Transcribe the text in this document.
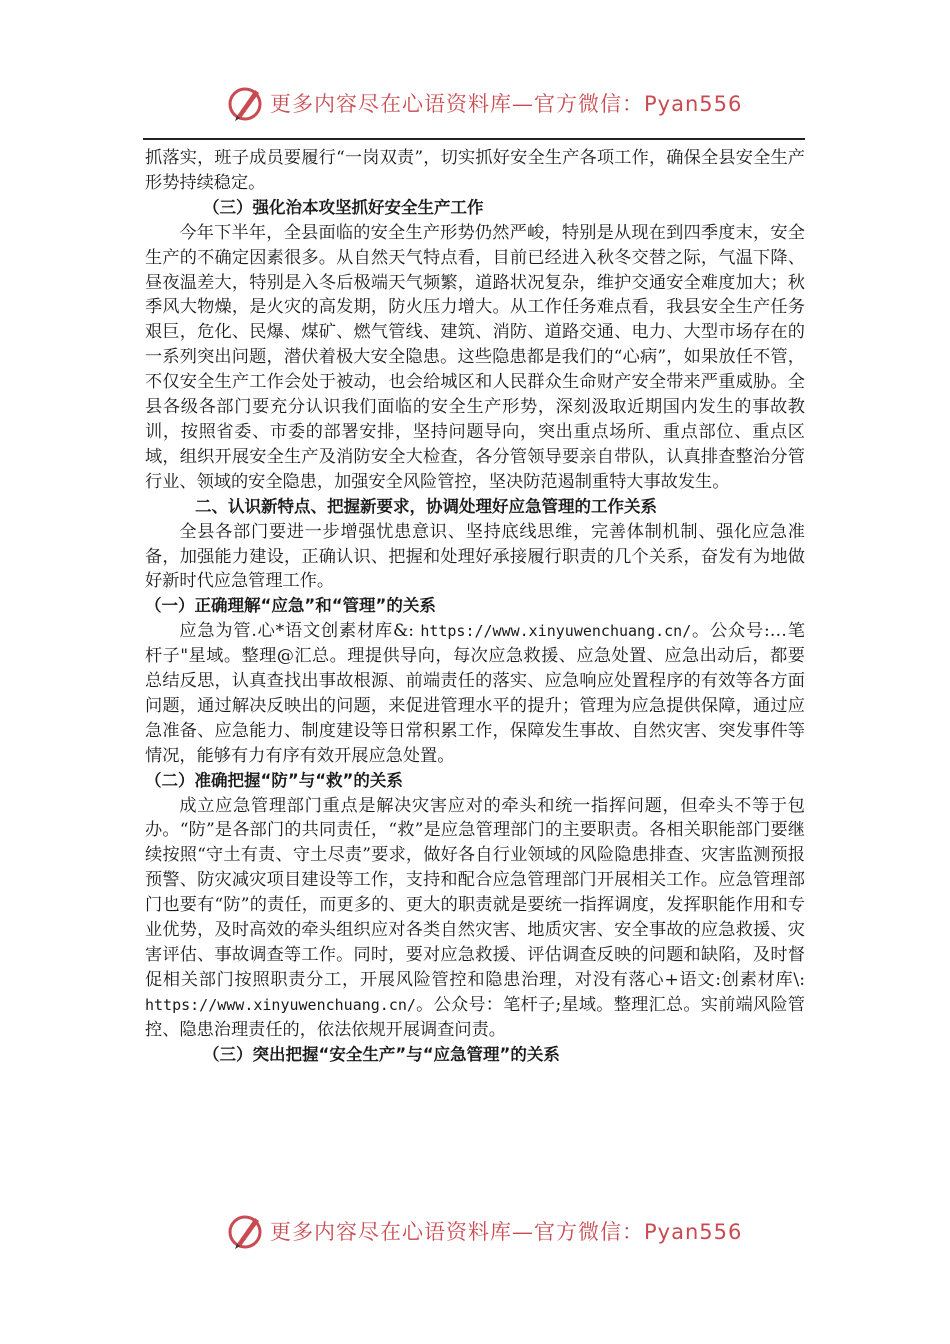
更多内容尽在心语资料库—官方微信：Pyan556

抓落实，班子成员要履行“一岗双责”，切实抓好安全生产各项工作，确保全县安全生产形势持续稳定。

（三）强化治本攻坚抓好安全生产工作

今年下半年，全县面临的安全生产形势仍然严峻，特别是从现在到四季度末，安全生产的不确定因素很多。从自然天气特点看，目前已经进入秋冬交替之际，气温下降、昼夜温差大，特别是入冬后极端天气频繁，道路状况复杂，维护交通安全难度加大；秋季风大物燥，是火灾的高发期，防火压力增大。从工作任务难点看，我县安全生产任务艰巨，危化、民爆、煤矿、燃气管线、建筑、消防、道路交通、电力、大型市场存在的一系列突出问题，潜伏着极大安全隐患。这些隐患都是我们的“心病”，如果放任不管，不仅安全生产工作会处于被动，也会给城区和人民群众生命财产安全带来严重威胁。全县各级各部门要充分认识我们面临的安全生产形势，深刻汲取近期国内发生的事故教训，按照省委、市委的部署安排，坚持问题导向，突出重点场所、重点部位、重点区域，组织开展安全生产及消防安全大检查，各分管领导要亲自带队，认真排查整治分管行业、领域的安全隐患，加强安全风险管控，坚决防范遏制重特大事故发生。

二、认识新特点、把握新要求，协调处理好应急管理的工作关系

全县各部门要进一步增强忧患意识、坚持底线思维，完善体制机制、强化应急准备，加强能力建设，正确认识、把握和处理好承接履行职责的几个关系，奋发有为地做好新时代应急管理工作。

（一）正确理解“应急”和“管理”的关系

应急为管.心*语文创素材库&: https://www.xinyuwenchuang.cn/。公众号:…笔杆子"星域。整理@汇总。理提供导向，每次应急救援、应急处置、应急出动后，都要总结反思，认真查找出事故根源、前端责任的落实、应急响应处置程序的有效等各方面问题，通过解决反映出的问题，来促进管理水平的提升；管理为应急提供保障，通过应急准备、应急能力、制度建设等日常积累工作，保障发生事故、自然灾害、突发事件等情况，能够有力有序有效开展应急处置。

（二）准确把握“防”与“救”的关系

成立应急管理部门重点是解决灾害应对的牵头和统一指挥问题，但牵头不等于包办。“防”是各部门的共同责任，“救”是应急管理部门的主要职责。各相关职能部门要继续按照“守土有责、守土尽责”要求，做好各自行业领域的风险隐患排查、灾害监测预报预警、防灾减灾项目建设等工作，支持和配合应急管理部门开展相关工作。应急管理部门也要有“防”的责任，而更多的、更大的职责就是要统一指挥调度，发挥职能作用和专业优势，及时高效的牵头组织应对各类自然灾害、地质灾害、安全事故的应急救援、灾害评估、事故调查等工作。同时，要对应急救援、评估调查反映的问题和缺陷，及时督促相关部门按照职责分工，开展风险管控和隐患治理，对没有落心+语文:创素材库\: https://www.xinyuwenchuang.cn/。公众号：笔杆子;星域。整理汇总。实前端风险管控、隐患治理责任的，依法依规开展调查问责。

（三）突出把握“安全生产”与“应急管理”的关系

更多内容尽在心语资料库—官方微信：Pyan556
